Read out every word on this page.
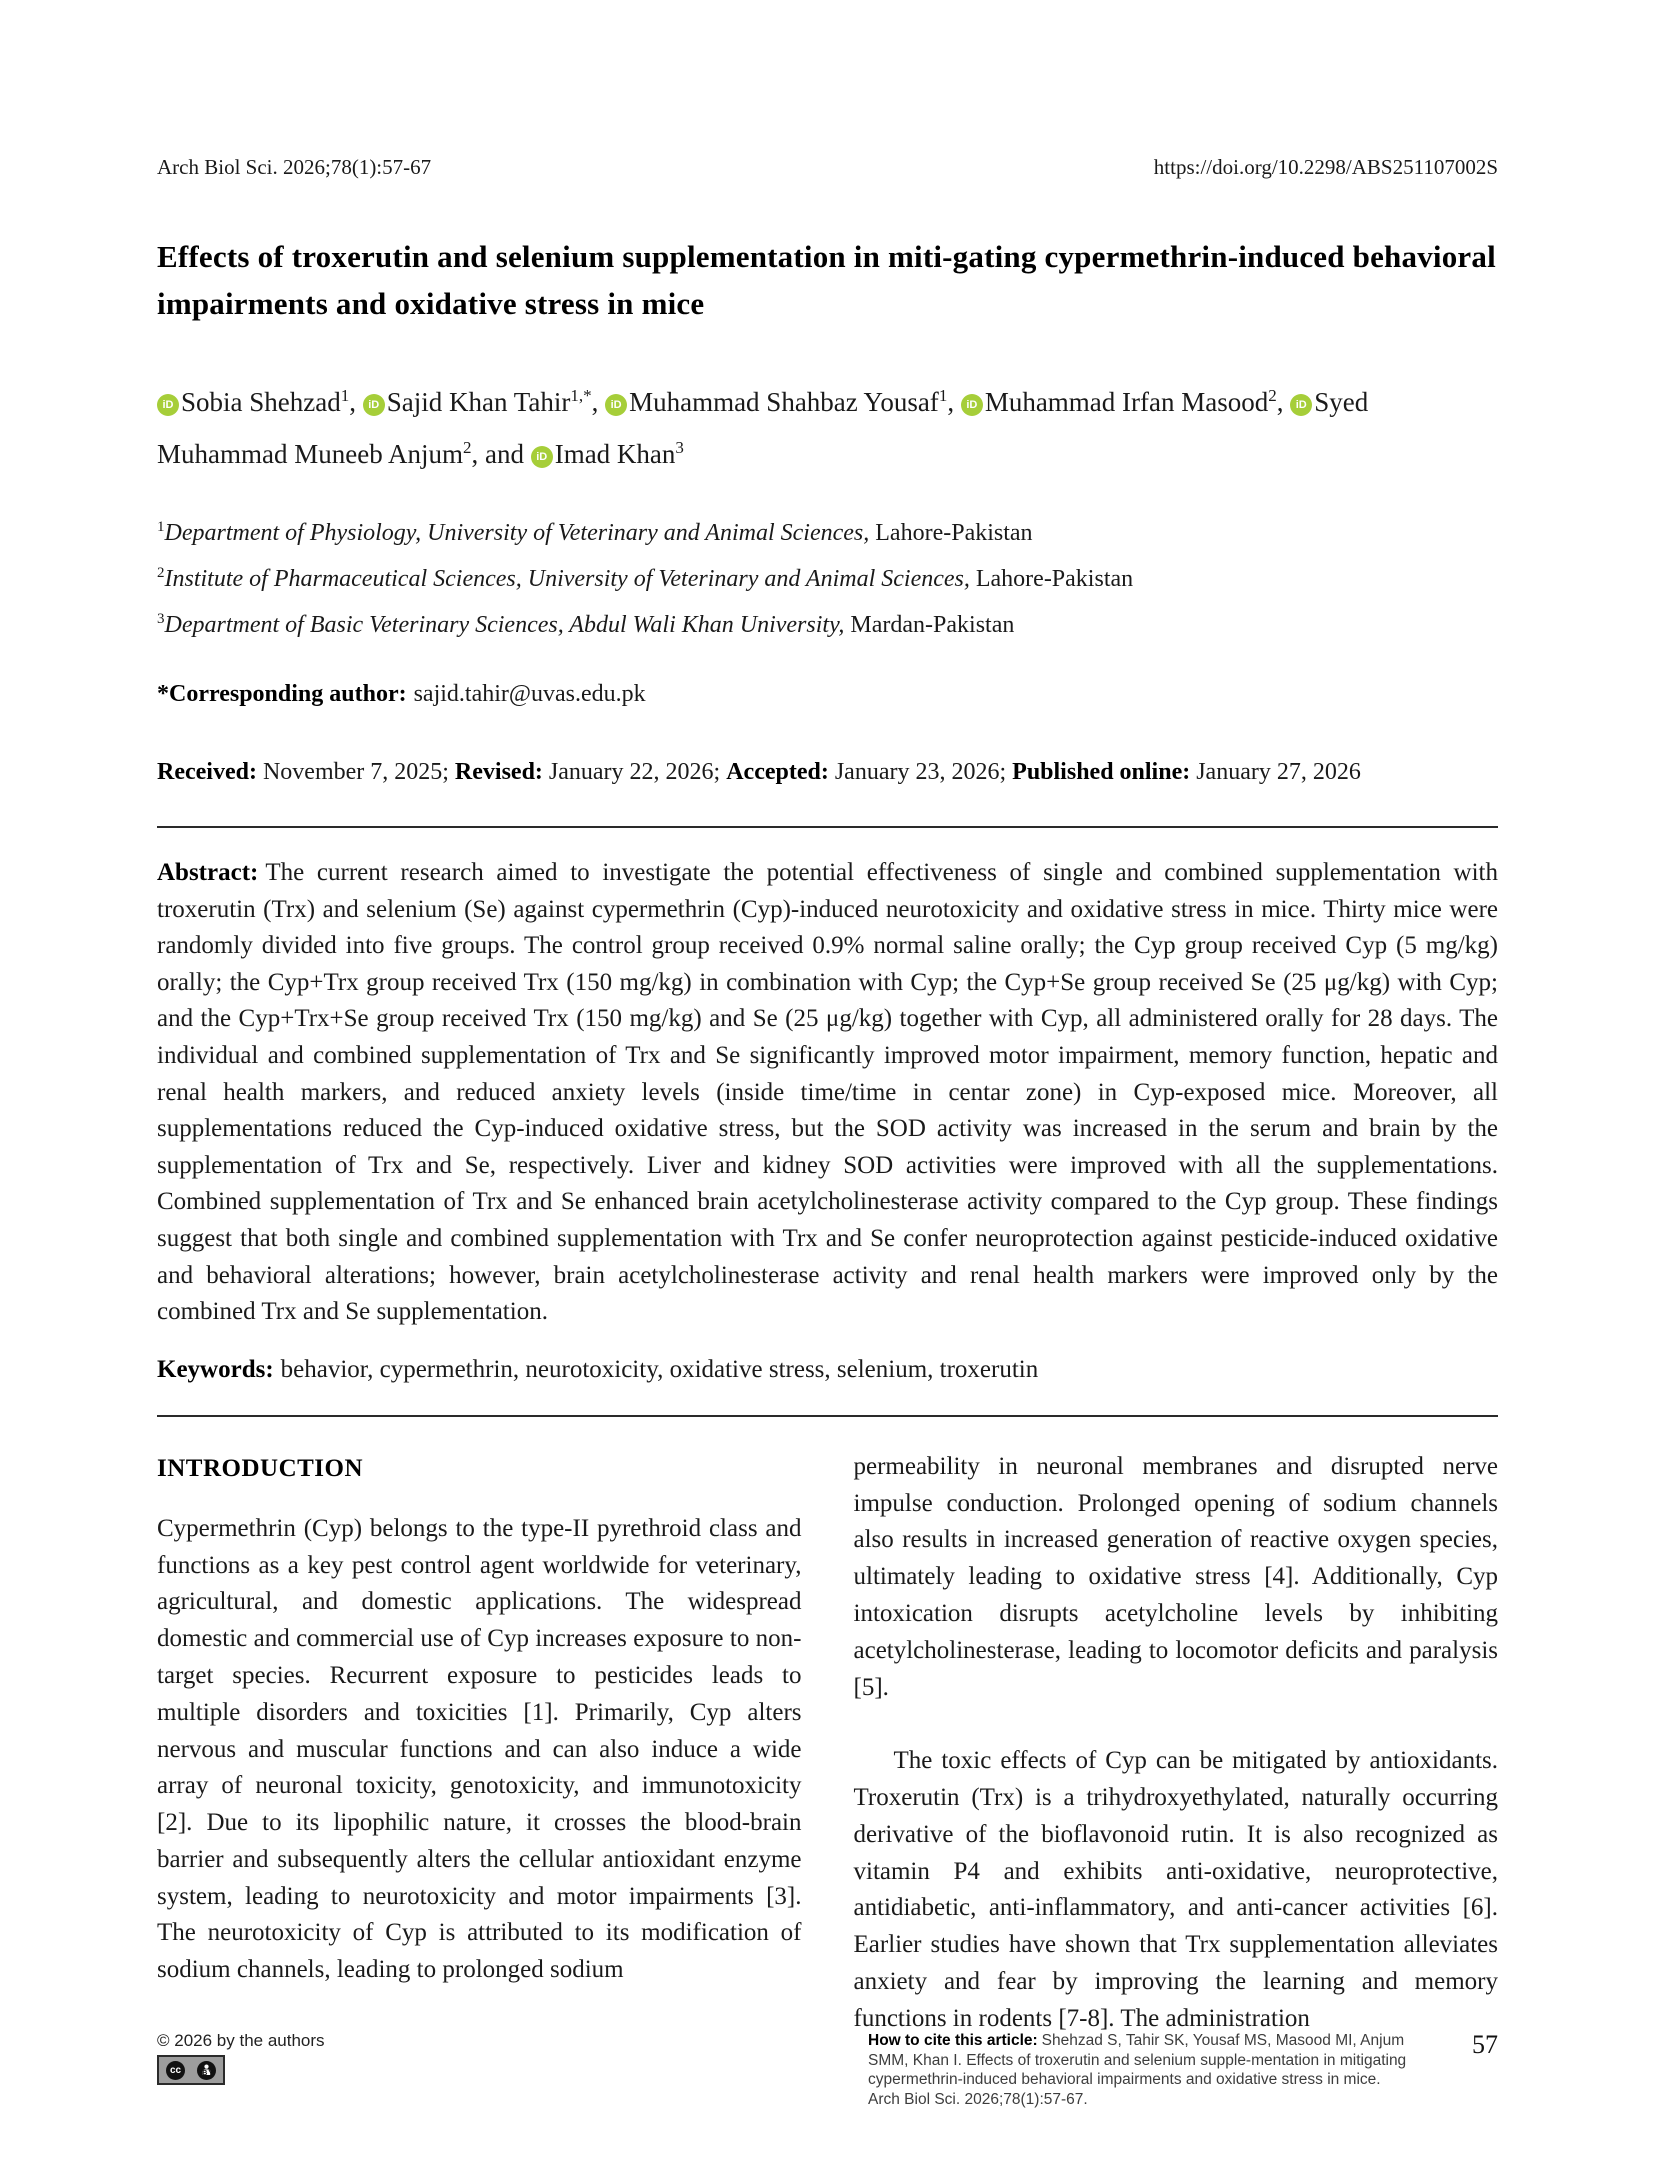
Arch Biol Sci. 2026;78(1):57-67	https://doi.org/10.2298/ABS251107002S
Effects of troxerutin and selenium supplementation in miti-gating cypermethrin-induced behavioral impairments and oxidative stress in mice
iD Sobia Shehzad$^1$, iD Sajid Khan Tahir$^{1,*}$, iD Muhammad Shahbaz Yousaf$^1$, iD Muhammad Irfan Masood$^2$, iD Syed Muhammad Muneeb Anjum$^2$, and iD Imad Khan$^3$
$^1$Department of Physiology, University of Veterinary and Animal Sciences, Lahore-Pakistan
$^2$Institute of Pharmaceutical Sciences, University of Veterinary and Animal Sciences, Lahore-Pakistan
$^3$Department of Basic Veterinary Sciences, Abdul Wali Khan University, Mardan-Pakistan

*Corresponding author: sajid.tahir@uvas.edu.pk

Received: November 7, 2025; Revised: January 22, 2026; Accepted: January 23, 2026; Published online: January 27, 2026

Abstract: The current research aimed to investigate the potential effectiveness of single and combined supplementation with troxerutin (Trx) and selenium (Se) against cypermethrin (Cyp)-induced neurotoxicity and oxidative stress in mice. Thirty mice were randomly divided into five groups. The control group received 0.9% normal saline orally; the Cyp group received Cyp (5 mg/kg) orally; the Cyp+Trx group received Trx (150 mg/kg) in combination with Cyp; the Cyp+Se group received Se (25 μg/kg) with Cyp; and the Cyp+Trx+Se group received Trx (150 mg/kg) and Se (25 μg/kg) together with Cyp, all administered orally for 28 days. The individual and combined supplementation of Trx and Se significantly improved motor impairment, memory function, hepatic and renal health markers, and reduced anxiety levels (inside time/time in centar zone) in Cyp-exposed mice. Moreover, all supplementations reduced the Cyp-induced oxidative stress, but the SOD activity was increased in the serum and brain by the supplementation of Trx and Se, respectively. Liver and kidney SOD activities were improved with all the supplementations. Combined supplementation of Trx and Se enhanced brain acetylcholinesterase activity compared to the Cyp group. These findings suggest that both single and combined supplementation with Trx and Se confer neuroprotection against pesticide-induced oxidative and behavioral alterations; however, brain acetylcholinesterase activity and renal health markers were improved only by the combined Trx and Se supplementation.

Keywords: behavior, cypermethrin, neurotoxicity, oxidative stress, selenium, troxerutin

INTRODUCTION

Cypermethrin (Cyp) belongs to the type-II pyrethroid class and functions as a key pest control agent worldwide for veterinary, agricultural, and domestic applications. The widespread domestic and commercial use of Cyp increases exposure to non-target species. Recurrent exposure to pesticides leads to multiple disorders and toxicities [1]. Primarily, Cyp alters nervous and muscular functions and can also induce a wide array of neuronal toxicity, genotoxicity, and immunotoxicity [2]. Due to its lipophilic nature, it crosses the blood-brain barrier and subsequently alters the cellular antioxidant enzyme system, leading to neurotoxicity and motor impairments [3]. The neurotoxicity of Cyp is attributed to its modification of sodium channels, leading to prolonged sodium

permeability in neuronal membranes and disrupted nerve impulse conduction. Prolonged opening of sodium channels also results in increased generation of reactive oxygen species, ultimately leading to oxidative stress [4]. Additionally, Cyp intoxication disrupts acetylcholine levels by inhibiting acetylcholinesterase, leading to locomotor deficits and paralysis [5].

The toxic effects of Cyp can be mitigated by antioxidants. Troxerutin (Trx) is a trihydroxyethylated, naturally occurring derivative of the bioflavonoid rutin. It is also recognized as vitamin P4 and exhibits anti-oxidative, neuroprotective, antidiabetic, anti-inflammatory, and anti-cancer activities [6]. Earlier studies have shown that Trx supplementation alleviates anxiety and fear by improving the learning and memory functions in rodents [7-8]. The administration

© 2026 by the authors
cc	BY
How to cite this article: Shehzad S, Tahir SK, Yousaf MS, Masood MI, Anjum SMM, Khan I. Effects of troxerutin and selenium supple-mentation in mitigating cypermethrin-induced behavioral impairments and oxidative stress in mice. Arch Biol Sci. 2026;78(1):57-67.
57
